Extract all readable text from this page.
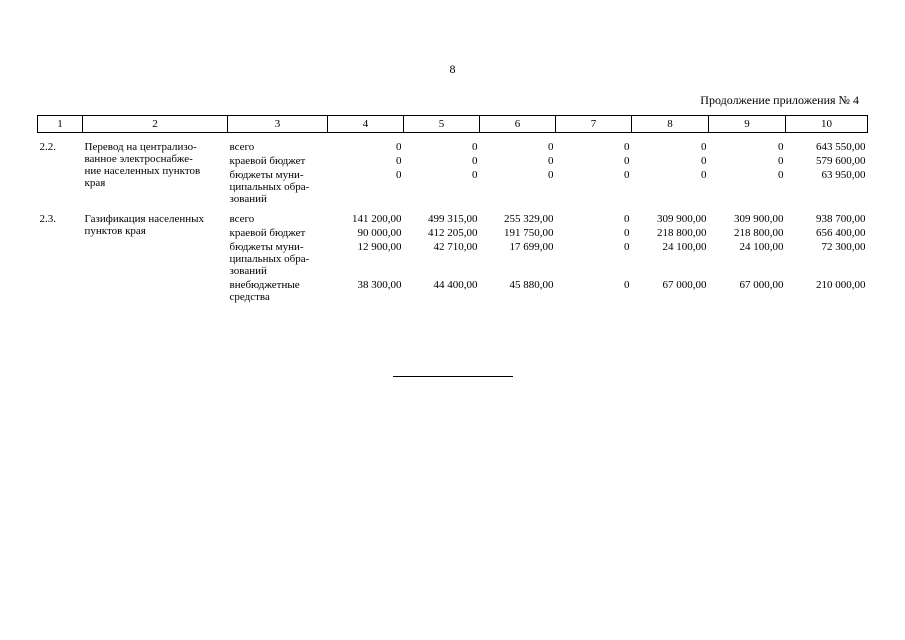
8
Продолжение приложения № 4
1	2	3	4	5	6	7	8	9	10

2.2.	Перевод на централизо-
ванное электроснабже-
ние населенных пунктов
края	всего	0	0	0	0	0	0	643 550,00
		краевой бюджет	0	0	0	0	0	0	579 600,00
		бюджеты муни-
ципальных обра-
зований	0	0	0	0	0	0	63 950,00

2.3.	Газификация населенных
пунктов края	всего	141 200,00	499 315,00	255 329,00	0	309 900,00	309 900,00	938 700,00
		краевой бюджет	90 000,00	412 205,00	191 750,00	0	218 800,00	218 800,00	656 400,00
		бюджеты муни-
ципальных обра-
зований	12 900,00	42 710,00	17 699,00	0	24 100,00	24 100,00	72 300,00
		внебюджетные
средства	38 300,00	44 400,00	45 880,00	0	67 000,00	67 000,00	210 000,00
